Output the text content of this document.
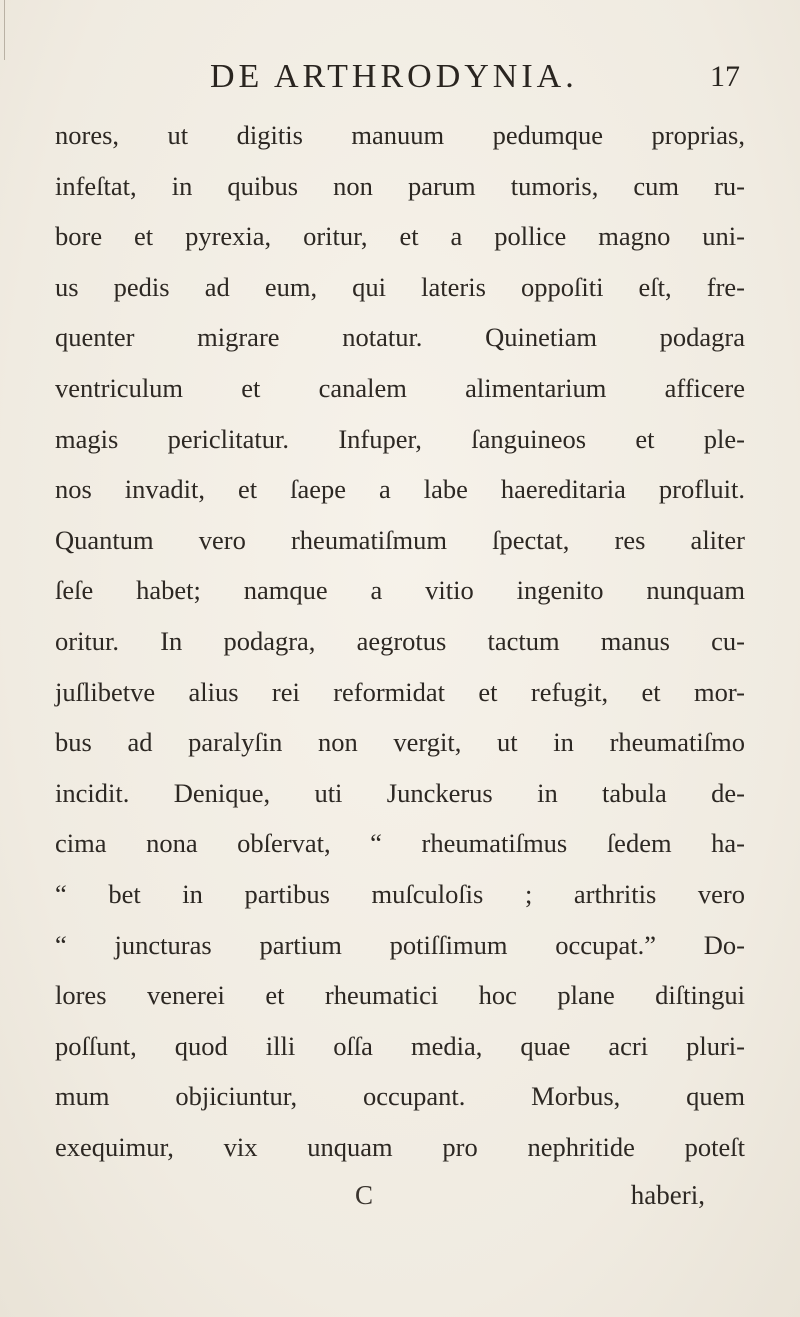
DE ARTHRODYNIA.	17
nores, ut digitis manuum pedumque proprias,
infeſtat, in quibus non parum tumoris, cum ru-
bore et pyrexia, oritur, et a pollice magno uni-
us pedis ad eum, qui lateris oppoſiti eſt, fre-
quenter migrare notatur. Quinetiam podagra
ventriculum et canalem alimentarium afficere
magis periclitatur. Infuper, ſanguineos et ple-
nos invadit, et ſaepe a labe haereditaria profluit.
Quantum vero rheumatiſmum ſpectat, res aliter
ſeſe habet; namque a vitio ingenito nunquam
oritur. In podagra, aegrotus tactum manus cu-
juſlibetve alius rei reformidat et refugit, et mor-
bus ad paralyſin non vergit, ut in rheumatiſmo
incidit. Denique, uti Junckerus in tabula de-
cima nona obſervat, “ rheumatiſmus ſedem ha-
“ bet in partibus muſculoſis ; arthritis vero
“ juncturas partium potiſſimum occupat.” Do-
lores venerei et rheumatici hoc plane diſtingui
poſſunt, quod illi oſſa media, quae acri pluri-
mum objiciuntur, occupant. Morbus, quem
exequimur, vix unquam pro nephritide poteſt
C	haberi,
